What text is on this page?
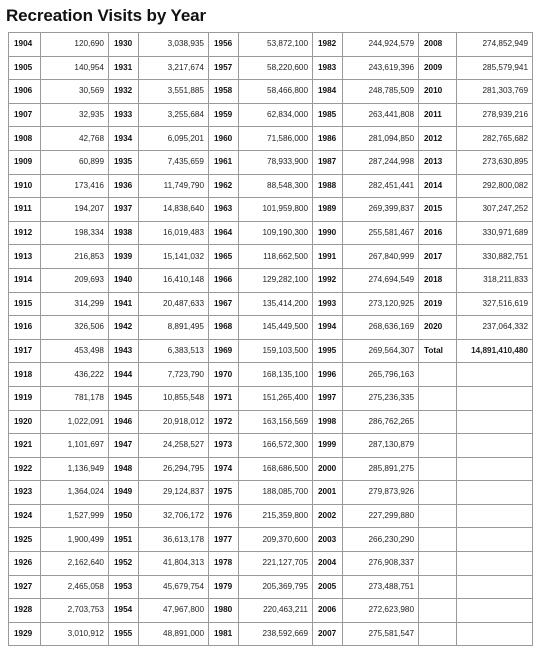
Recreation Visits by Year
1904	120,690	1930	3,038,935	1956	53,872,100	1982	244,924,579	2008	274,852,949
1905	140,954	1931	3,217,674	1957	58,220,600	1983	243,619,396	2009	285,579,941
1906	30,569	1932	3,551,885	1958	58,466,800	1984	248,785,509	2010	281,303,769
1907	32,935	1933	3,255,684	1959	62,834,000	1985	263,441,808	2011	278,939,216
1908	42,768	1934	6,095,201	1960	71,586,000	1986	281,094,850	2012	282,765,682
1909	60,899	1935	7,435,659	1961	78,933,900	1987	287,244,998	2013	273,630,895
1910	173,416	1936	11,749,790	1962	88,548,300	1988	282,451,441	2014	292,800,082
1911	194,207	1937	14,838,640	1963	101,959,800	1989	269,399,837	2015	307,247,252
1912	198,334	1938	16,019,483	1964	109,190,300	1990	255,581,467	2016	330,971,689
1913	216,853	1939	15,141,032	1965	118,662,500	1991	267,840,999	2017	330,882,751
1914	209,693	1940	16,410,148	1966	129,282,100	1992	274,694,549	2018	318,211,833
1915	314,299	1941	20,487,633	1967	135,414,200	1993	273,120,925	2019	327,516,619
1916	326,506	1942	8,891,495	1968	145,449,500	1994	268,636,169	2020	237,064,332
1917	453,498	1943	6,383,513	1969	159,103,500	1995	269,564,307	Total	14,891,410,480
1918	436,222	1944	7,723,790	1970	168,135,100	1996	265,796,163		
1919	781,178	1945	10,855,548	1971	151,265,400	1997	275,236,335		
1920	1,022,091	1946	20,918,012	1972	163,156,569	1998	286,762,265		
1921	1,101,697	1947	24,258,527	1973	166,572,300	1999	287,130,879		
1922	1,136,949	1948	26,294,795	1974	168,686,500	2000	285,891,275		
1923	1,364,024	1949	29,124,837	1975	188,085,700	2001	279,873,926		
1924	1,527,999	1950	32,706,172	1976	215,359,800	2002	227,299,880		
1925	1,900,499	1951	36,613,178	1977	209,370,600	2003	266,230,290		
1926	2,162,640	1952	41,804,313	1978	221,127,705	2004	276,908,337		
1927	2,465,058	1953	45,679,754	1979	205,369,795	2005	273,488,751		
1928	2,703,753	1954	47,967,800	1980	220,463,211	2006	272,623,980		
1929	3,010,912	1955	48,891,000	1981	238,592,669	2007	275,581,547		
